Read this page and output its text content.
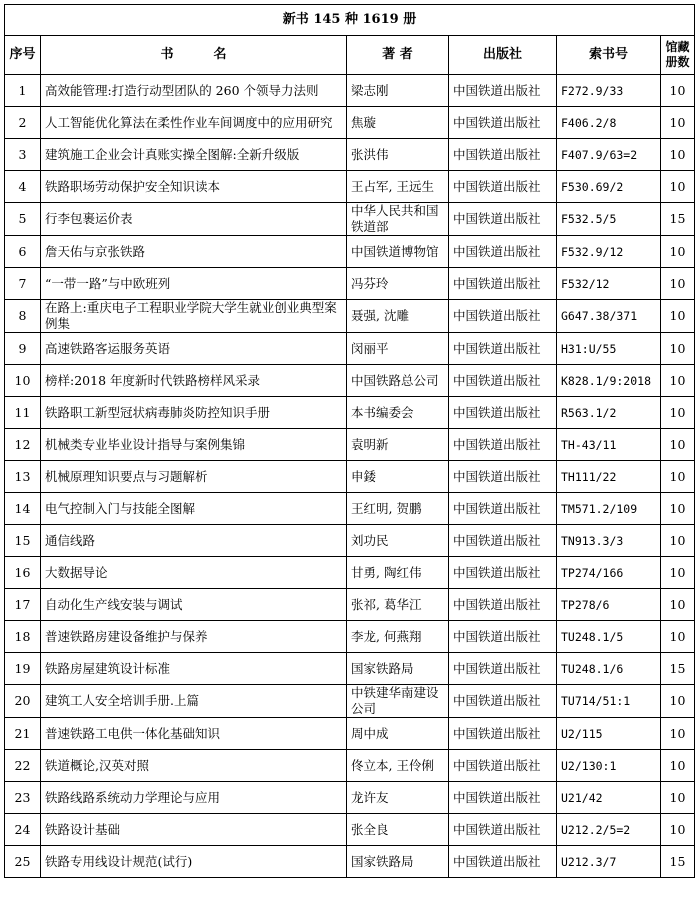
新书 145 种 1619 册					
序号	书名	著 者	出版社	索书号	馆藏册数
1	高效能管理:打造行动型团队的 260 个领导力法则	梁志刚	中国铁道出版社	F272.9/33	10
2	人工智能优化算法在柔性作业车间调度中的应用研究	焦璇	中国铁道出版社	F406.2/8	10
3	建筑施工企业会计真账实操全图解:全新升级版	张洪伟	中国铁道出版社	F407.9/63=2	10
4	铁路职场劳动保护安全知识读本	王占军, 王远生	中国铁道出版社	F530.69/2	10
5	行李包裹运价表	中华人民共和国铁道部	中国铁道出版社	F532.5/5	15
6	詹天佑与京张铁路	中国铁道博物馆	中国铁道出版社	F532.9/12	10
7	“一带一路”与中欧班列	冯芬玲	中国铁道出版社	F532/12	10
8	在路上:重庆电子工程职业学院大学生就业创业典型案例集	聂强, 沈雕	中国铁道出版社	G647.38/371	10
9	高速铁路客运服务英语	闵丽平	中国铁道出版社	H31:U/55	10
10	榜样:2018 年度新时代铁路榜样风采录	中国铁路总公司	中国铁道出版社	K828.1/9:2018	10
11	铁路职工新型冠状病毒肺炎防控知识手册	本书编委会	中国铁道出版社	R563.1/2	10
12	机械类专业毕业设计指导与案例集锦	袁明新	中国铁道出版社	TH-43/11	10
13	机械原理知识要点与习题解析	申錗	中国铁道出版社	TH111/22	10
14	电气控制入门与技能全图解	王红明, 贺鹏	中国铁道出版社	TM571.2/109	10
15	通信线路	刘功民	中国铁道出版社	TN913.3/3	10
16	大数据导论	甘勇, 陶红伟	中国铁道出版社	TP274/166	10
17	自动化生产线安装与调试	张祁, 葛华江	中国铁道出版社	TP278/6	10
18	普速铁路房建设备维护与保养	李龙, 何燕翔	中国铁道出版社	TU248.1/5	10
19	铁路房屋建筑设计标准	国家铁路局	中国铁道出版社	TU248.1/6	15
20	建筑工人安全培训手册.上篇	中铁建华南建设公司	中国铁道出版社	TU714/51:1	10
21	普速铁路工电供一体化基础知识	周中成	中国铁道出版社	U2/115	10
22	铁道概论,汉英对照	佟立本, 王伶俐	中国铁道出版社	U2/130:1	10
23	铁路线路系统动力学理论与应用	龙许友	中国铁道出版社	U21/42	10
24	铁路设计基础	张全良	中国铁道出版社	U212.2/5=2	10
25	铁路专用线设计规范(试行)	国家铁路局	中国铁道出版社	U212.3/7	15
